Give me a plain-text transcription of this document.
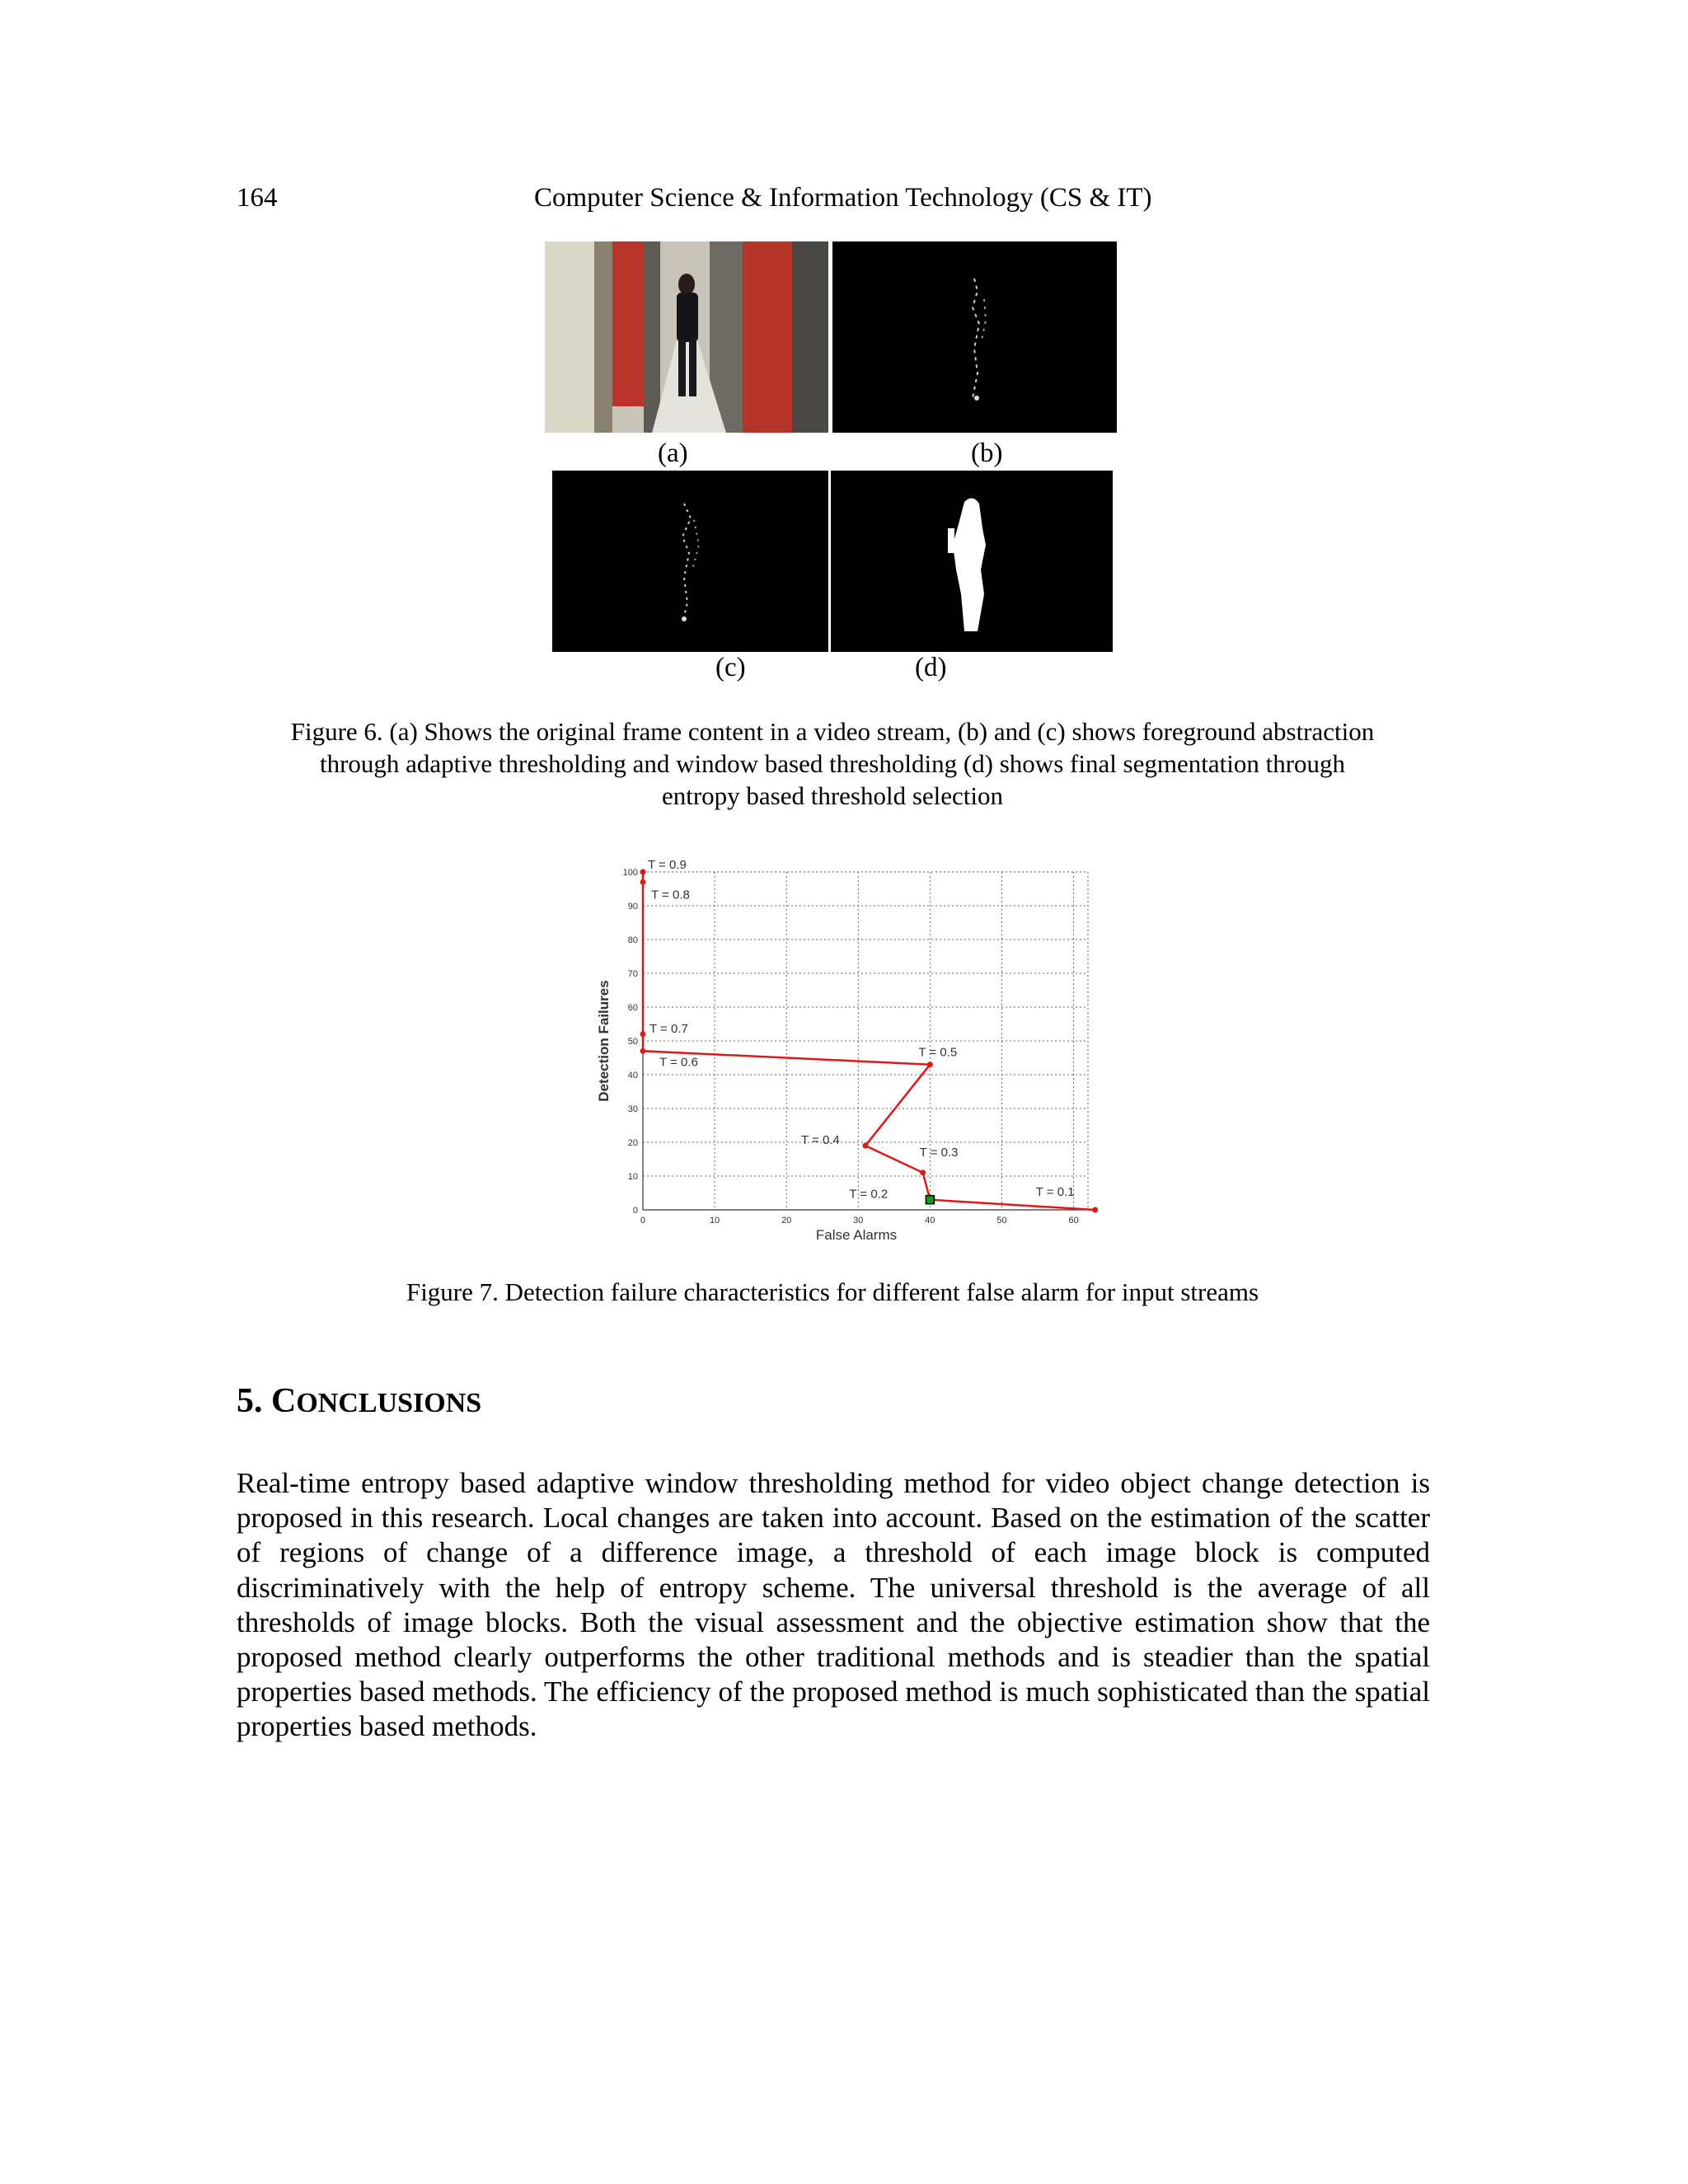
164	Computer Science & Information Technology (CS & IT)
(a)	(b)
(c)	(d)
Figure 6. (a) Shows the original frame content in a video stream, (b) and (c) shows foreground abstraction
through adaptive thresholding and window based thresholding (d) shows final segmentation through
entropy based threshold selection
0	10	20	30	40	50	60
0
10
20
30
40
50
60
70
80
90
100
T = 0.9
T = 0.8
T = 0.7
T = 0.6
T = 0.5
T = 0.4
T = 0.3
T = 0.2	T = 0.1
False Alarms
Detection Failures
Figure 7. Detection failure characteristics for different false alarm for input streams
5. CONCLUSIONS
Real-time entropy based adaptive window thresholding method for video object change detection is proposed in this research. Local changes are taken into account. Based on the estimation of the scatter of regions of change of a difference image, a threshold of each image block is computed discriminatively with the help of entropy scheme. The universal threshold is the average of all thresholds of image blocks. Both the visual assessment and the objective estimation show that the proposed method clearly outperforms the other traditional methods and is steadier than the spatial properties based methods. The efficiency of the proposed method is much sophisticated than the spatial properties based methods.
